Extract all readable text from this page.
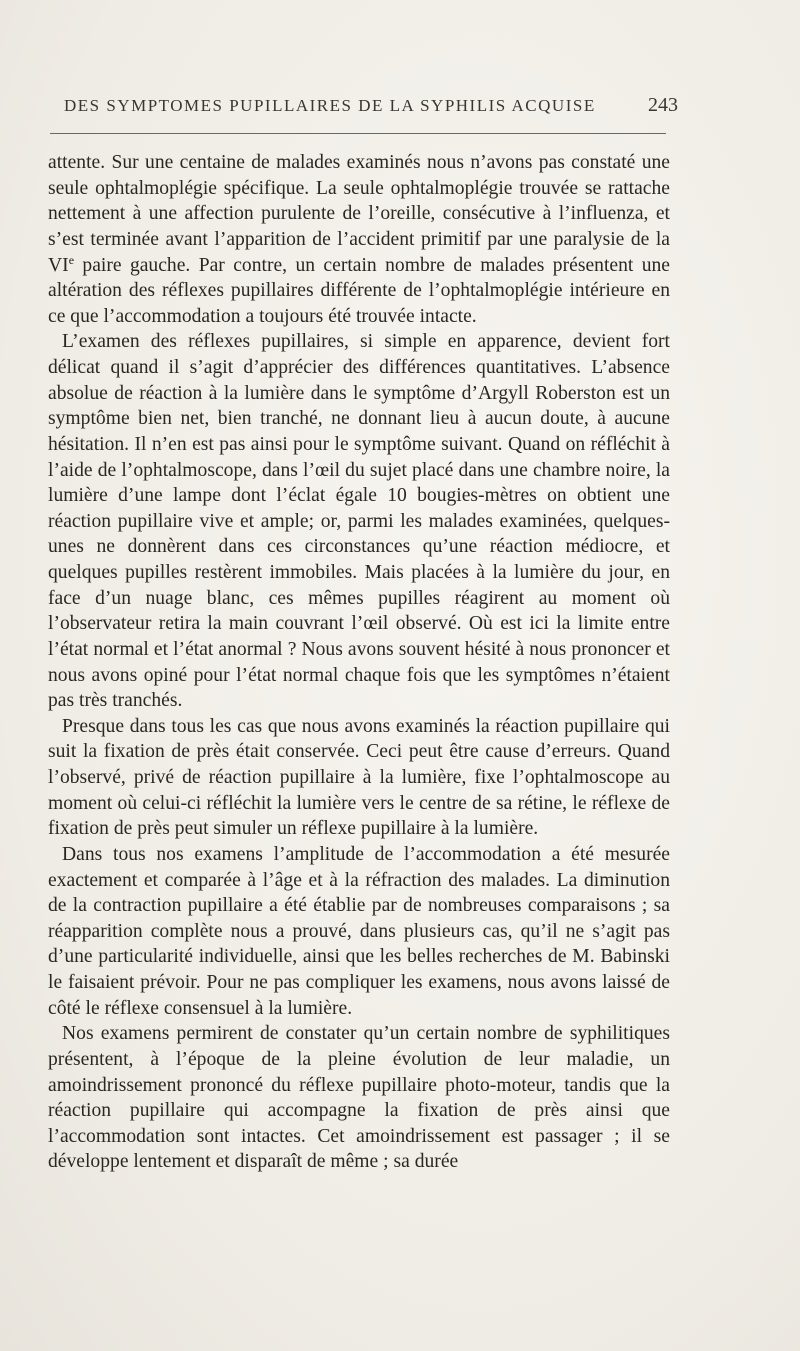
DES SYMPTOMES PUPILLAIRES DE LA SYPHILIS ACQUISE	243

attente. Sur une centaine de malades examinés nous n’avons pas constaté une seule ophtalmoplégie spécifique. La seule ophtalmoplégie trouvée se rattache nettement à une affection purulente de l’oreille, consécutive à l’influenza, et s’est terminée avant l’apparition de l’accident primitif par une paralysie de la VIe paire gauche. Par contre, un certain nombre de malades présentent une altération des réflexes pupillaires différente de l’ophtalmoplégie intérieure en ce que l’accommodation a toujours été trouvée intacte.

L’examen des réflexes pupillaires, si simple en apparence, devient fort délicat quand il s’agit d’apprécier des différences quantitatives. L’absence absolue de réaction à la lumière dans le symptôme d’Argyll Roberston est un symptôme bien net, bien tranché, ne donnant lieu à aucun doute, à aucune hésitation. Il n’en est pas ainsi pour le symptôme suivant. Quand on réfléchit à l’aide de l’ophtalmoscope, dans l’œil du sujet placé dans une chambre noire, la lumière d’une lampe dont l’éclat égale 10 bougies-mètres on obtient une réaction pupillaire vive et ample; or, parmi les malades examinées, quelques-unes ne donnèrent dans ces circonstances qu’une réaction médiocre, et quelques pupilles restèrent immobiles. Mais placées à la lumière du jour, en face d’un nuage blanc, ces mêmes pupilles réagirent au moment où l’observateur retira la main couvrant l’œil observé. Où est ici la limite entre l’état normal et l’état anormal ? Nous avons souvent hésité à nous prononcer et nous avons opiné pour l’état normal chaque fois que les symptômes n’étaient pas très tranchés.

Presque dans tous les cas que nous avons examinés la réaction pupillaire qui suit la fixation de près était conservée. Ceci peut être cause d’erreurs. Quand l’observé, privé de réaction pupillaire à la lumière, fixe l’ophtalmoscope au moment où celui-ci réfléchit la lumière vers le centre de sa rétine, le réflexe de fixation de près peut simuler un réflexe pupillaire à la lumière.

Dans tous nos examens l’amplitude de l’accommodation a été mesurée exactement et comparée à l’âge et à la réfraction des malades. La diminution de la contraction pupillaire a été établie par de nombreuses comparaisons ; sa réapparition complète nous a prouvé, dans plusieurs cas, qu’il ne s’agit pas d’une particularité individuelle, ainsi que les belles recherches de M. Babinski le faisaient prévoir. Pour ne pas compliquer les examens, nous avons laissé de côté le réflexe consensuel à la lumière.

Nos examens permirent de constater qu’un certain nombre de syphilitiques présentent, à l’époque de la pleine évolution de leur maladie, un amoindrissement prononcé du réflexe pupillaire photo-moteur, tandis que la réaction pupillaire qui accompagne la fixation de près ainsi que l’accommodation sont intactes. Cet amoindrissement est passager ; il se développe lentement et disparaît de même ; sa durée
